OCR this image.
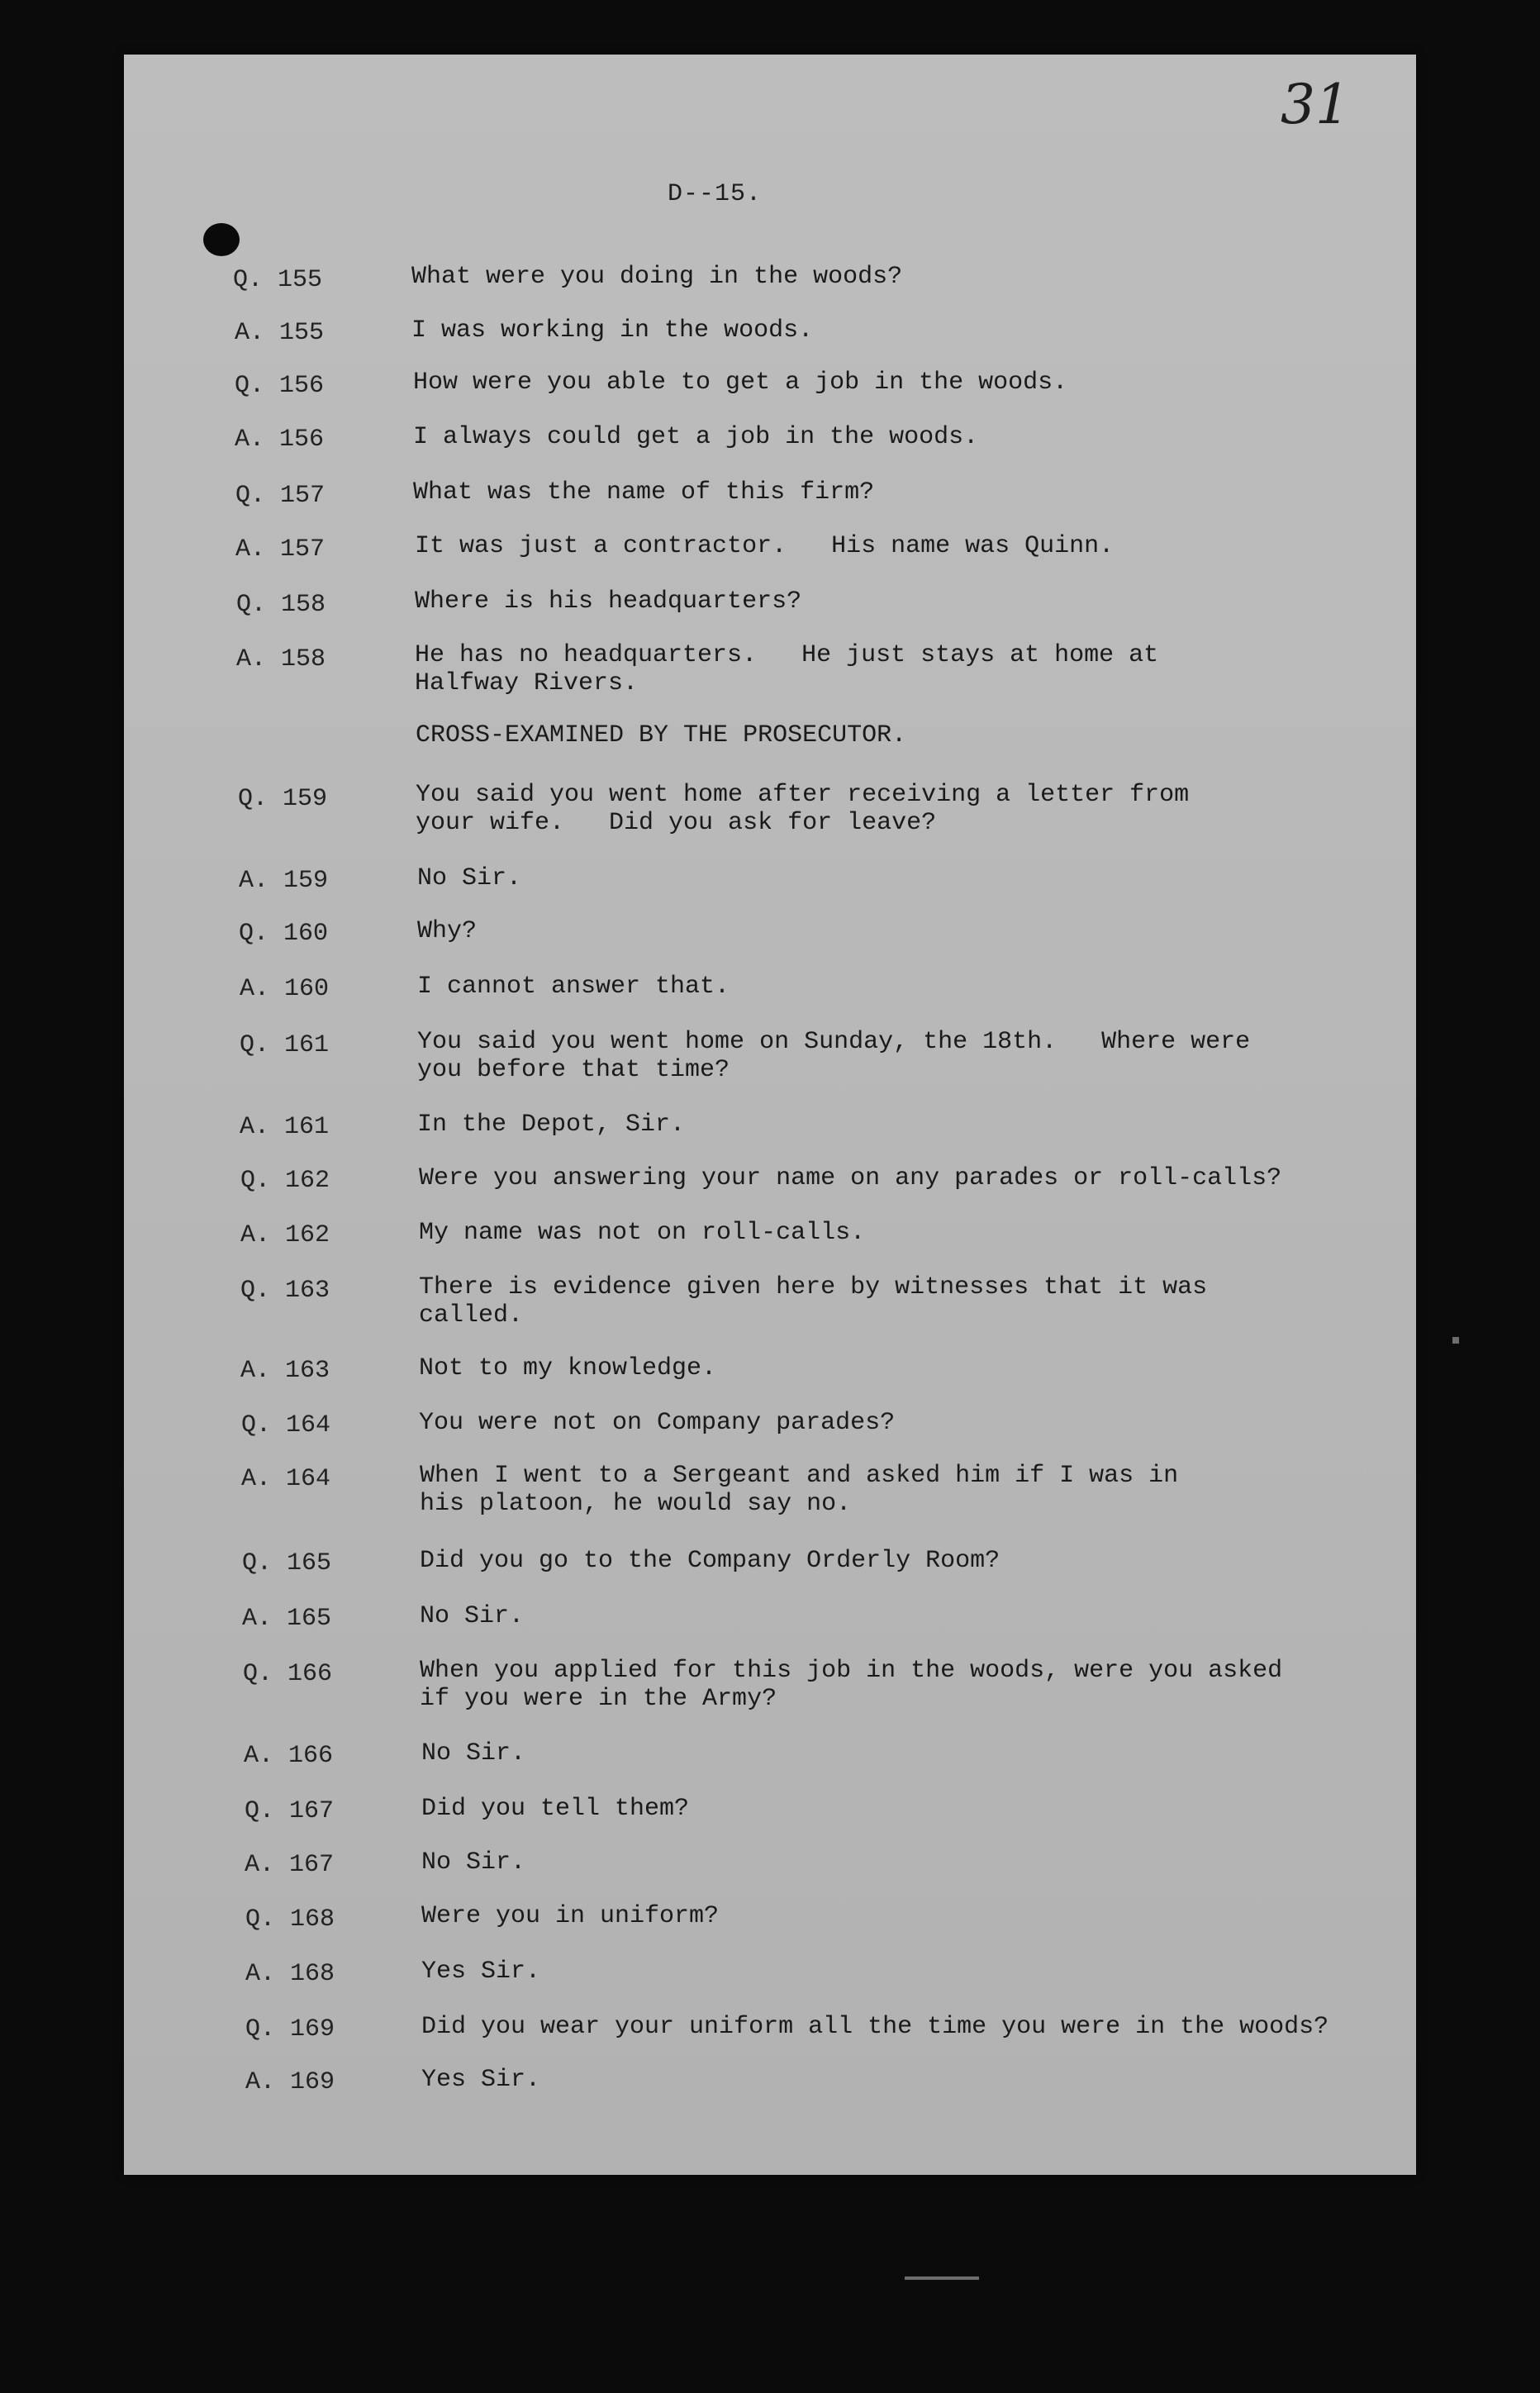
31
D--15.
CROSS-EXAMINED BY THE PROSECUTOR.
Q. 155	What were you doing in the woods?
A. 155	I was working in the woods.
Q. 156	How were you able to get a job in the woods.
A. 156	I always could get a job in the woods.
Q. 157	What was the name of this firm?
A. 157	It was just a contractor.   His name was Quinn.
Q. 158	Where is his headquarters?
A. 158	He has no headquarters.   He just stays at home at
Halfway Rivers.
Q. 159	You said you went home after receiving a letter from
your wife.   Did you ask for leave?
A. 159	No Sir.
Q. 160	Why?
A. 160	I cannot answer that.
Q. 161	You said you went home on Sunday, the 18th.   Where were
you before that time?
A. 161	In the Depot, Sir.
Q. 162	Were you answering your name on any parades or roll-calls?
A. 162	My name was not on roll-calls.
Q. 163	There is evidence given here by witnesses that it was
called.
A. 163	Not to my knowledge.
Q. 164	You were not on Company parades?
A. 164	When I went to a Sergeant and asked him if I was in
his platoon, he would say no.
Q. 165	Did you go to the Company Orderly Room?
A. 165	No Sir.
Q. 166	When you applied for this job in the woods, were you asked
if you were in the Army?
A. 166	No Sir.
Q. 167	Did you tell them?
A. 167	No Sir.
Q. 168	Were you in uniform?
A. 168	Yes Sir.
Q. 169	Did you wear your uniform all the time you were in the woods?
A. 169	Yes Sir.
